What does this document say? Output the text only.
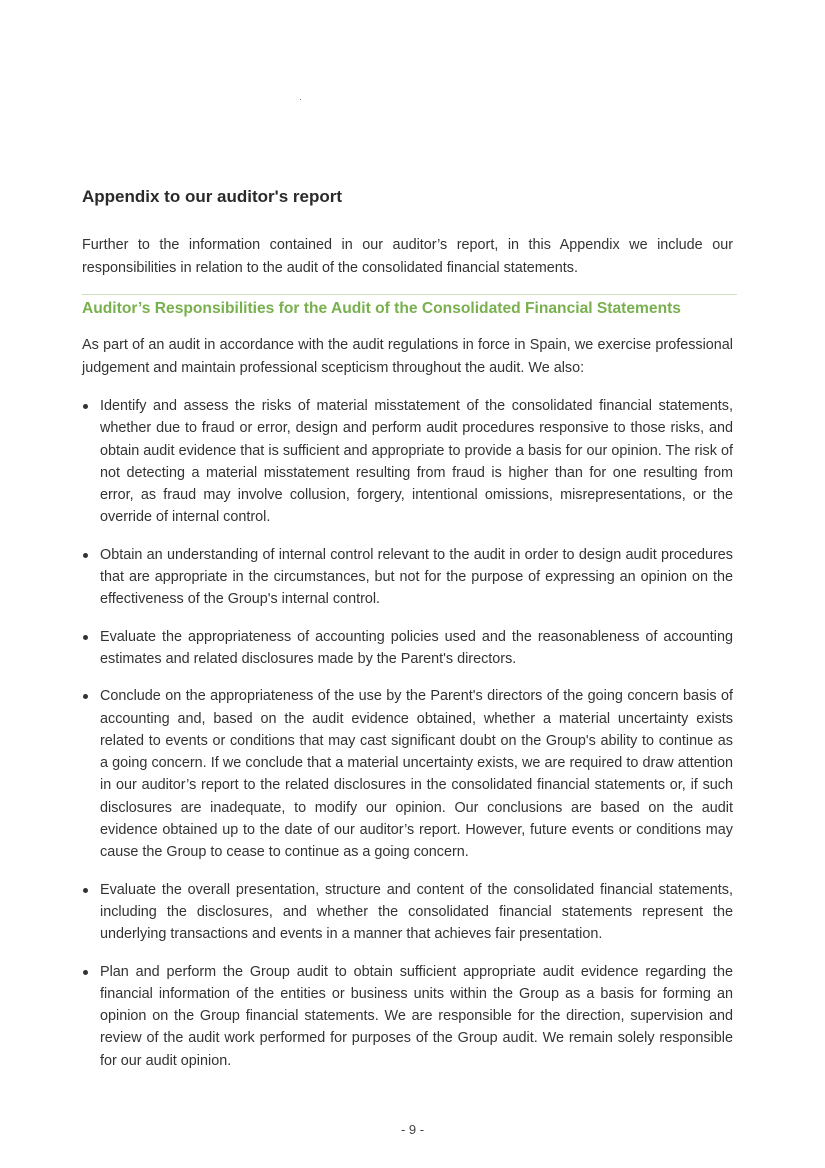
Appendix to our auditor's report

Further to the information contained in our auditor’s report, in this Appendix we include our responsibilities in relation to the audit of the consolidated financial statements.

Auditor’s Responsibilities for the Audit of the Consolidated Financial Statements

As part of an audit in accordance with the audit regulations in force in Spain, we exercise professional judgement and maintain professional scepticism throughout the audit. We also:

Identify and assess the risks of material misstatement of the consolidated financial statements, whether due to fraud or error, design and perform audit procedures responsive to those risks, and obtain audit evidence that is sufficient and appropriate to provide a basis for our opinion. The risk of not detecting a material misstatement resulting from fraud is higher than for one resulting from error, as fraud may involve collusion, forgery, intentional omissions, misrepresentations, or the override of internal control.
Obtain an understanding of internal control relevant to the audit in order to design audit procedures that are appropriate in the circumstances, but not for the purpose of expressing an opinion on the effectiveness of the Group's internal control.
Evaluate the appropriateness of accounting policies used and the reasonableness of accounting estimates and related disclosures made by the Parent's directors.
Conclude on the appropriateness of the use by the Parent's directors of the going concern basis of accounting and, based on the audit evidence obtained, whether a material uncertainty exists related to events or conditions that may cast significant doubt on the Group's ability to continue as a going concern. If we conclude that a material uncertainty exists, we are required to draw attention in our auditor’s report to the related disclosures in the consolidated financial statements or, if such disclosures are inadequate, to modify our opinion. Our conclusions are based on the audit evidence obtained up to the date of our auditor’s report. However, future events or conditions may cause the Group to cease to continue as a going concern.
Evaluate the overall presentation, structure and content of the consolidated financial statements, including the disclosures, and whether the consolidated financial statements represent the underlying transactions and events in a manner that achieves fair presentation.
Plan and perform the Group audit to obtain sufficient appropriate audit evidence regarding the financial information of the entities or business units within the Group as a basis for forming an opinion on the Group financial statements. We are responsible for the direction, supervision and review of the audit work performed for purposes of the Group audit. We remain solely responsible for our audit opinion.
- 9 -
